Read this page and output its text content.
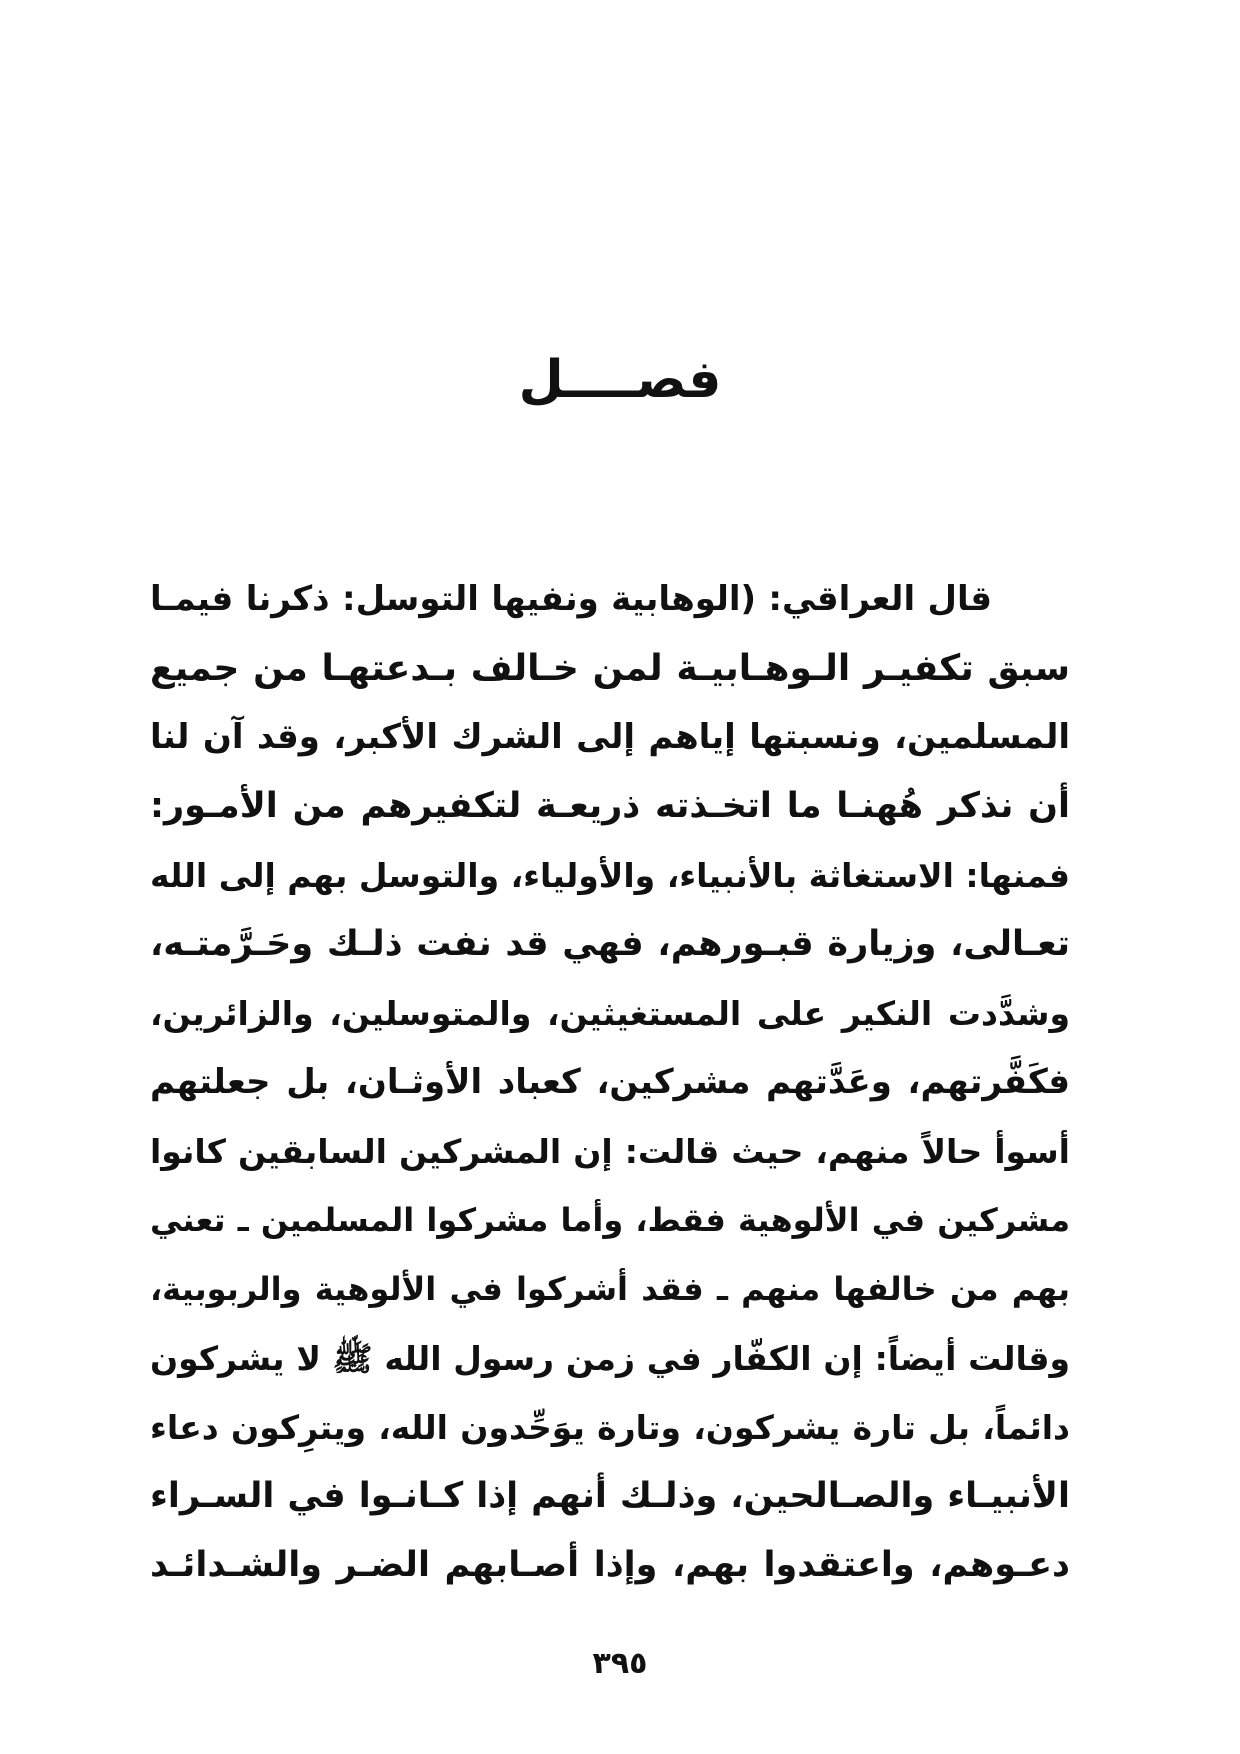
فصــــل
قال العراقي: (الوهابية ونفيها التوسل: ذكرنا فيمـا
سبق تكفيـر الـوهـابيـة لمن خـالف بـدعتهـا من جميع
المسلمين، ونسبتها إياهم إلى الشرك الأكبر، وقد آن لنا
أن نذكر هُهنـا ما اتخـذته ذريعـة لتكفيرهم من الأمـور:
فمنها: الاستغاثة بالأنبياء، والأولياء، والتوسل بهم إلى الله
تعـالى، وزيارة قبـورهم، فهي قد نفت ذلـك وحَـرَّمتـه،
وشدَّدت النكير على المستغيثين، والمتوسلين، والزائرين،
فكَفَّرتهم، وعَدَّتهم مشركين، كعباد الأوثـان، بل جعلتهم
أسوأ حالاً منهم، حيث قالت: إن المشركين السابقين كانوا
مشركين في الألوهية فقط، وأما مشركوا المسلمين ـ تعني
بهم من خالفها منهم ـ فقد أشركوا في الألوهية والربوبية،
وقالت أيضاً: إن الكفّار في زمن رسول الله ﷺ لا يشركون
دائماً، بل تارة يشركون، وتارة يوَحِّدون الله، ويترِكون دعاء
الأنبيـاء والصـالحين، وذلـك أنهم إذا كـانـوا في السـراء
دعـوهم، واعتقدوا بهم، وإذا أصـابهم الضـر والشـدائـد
٣٩٥
